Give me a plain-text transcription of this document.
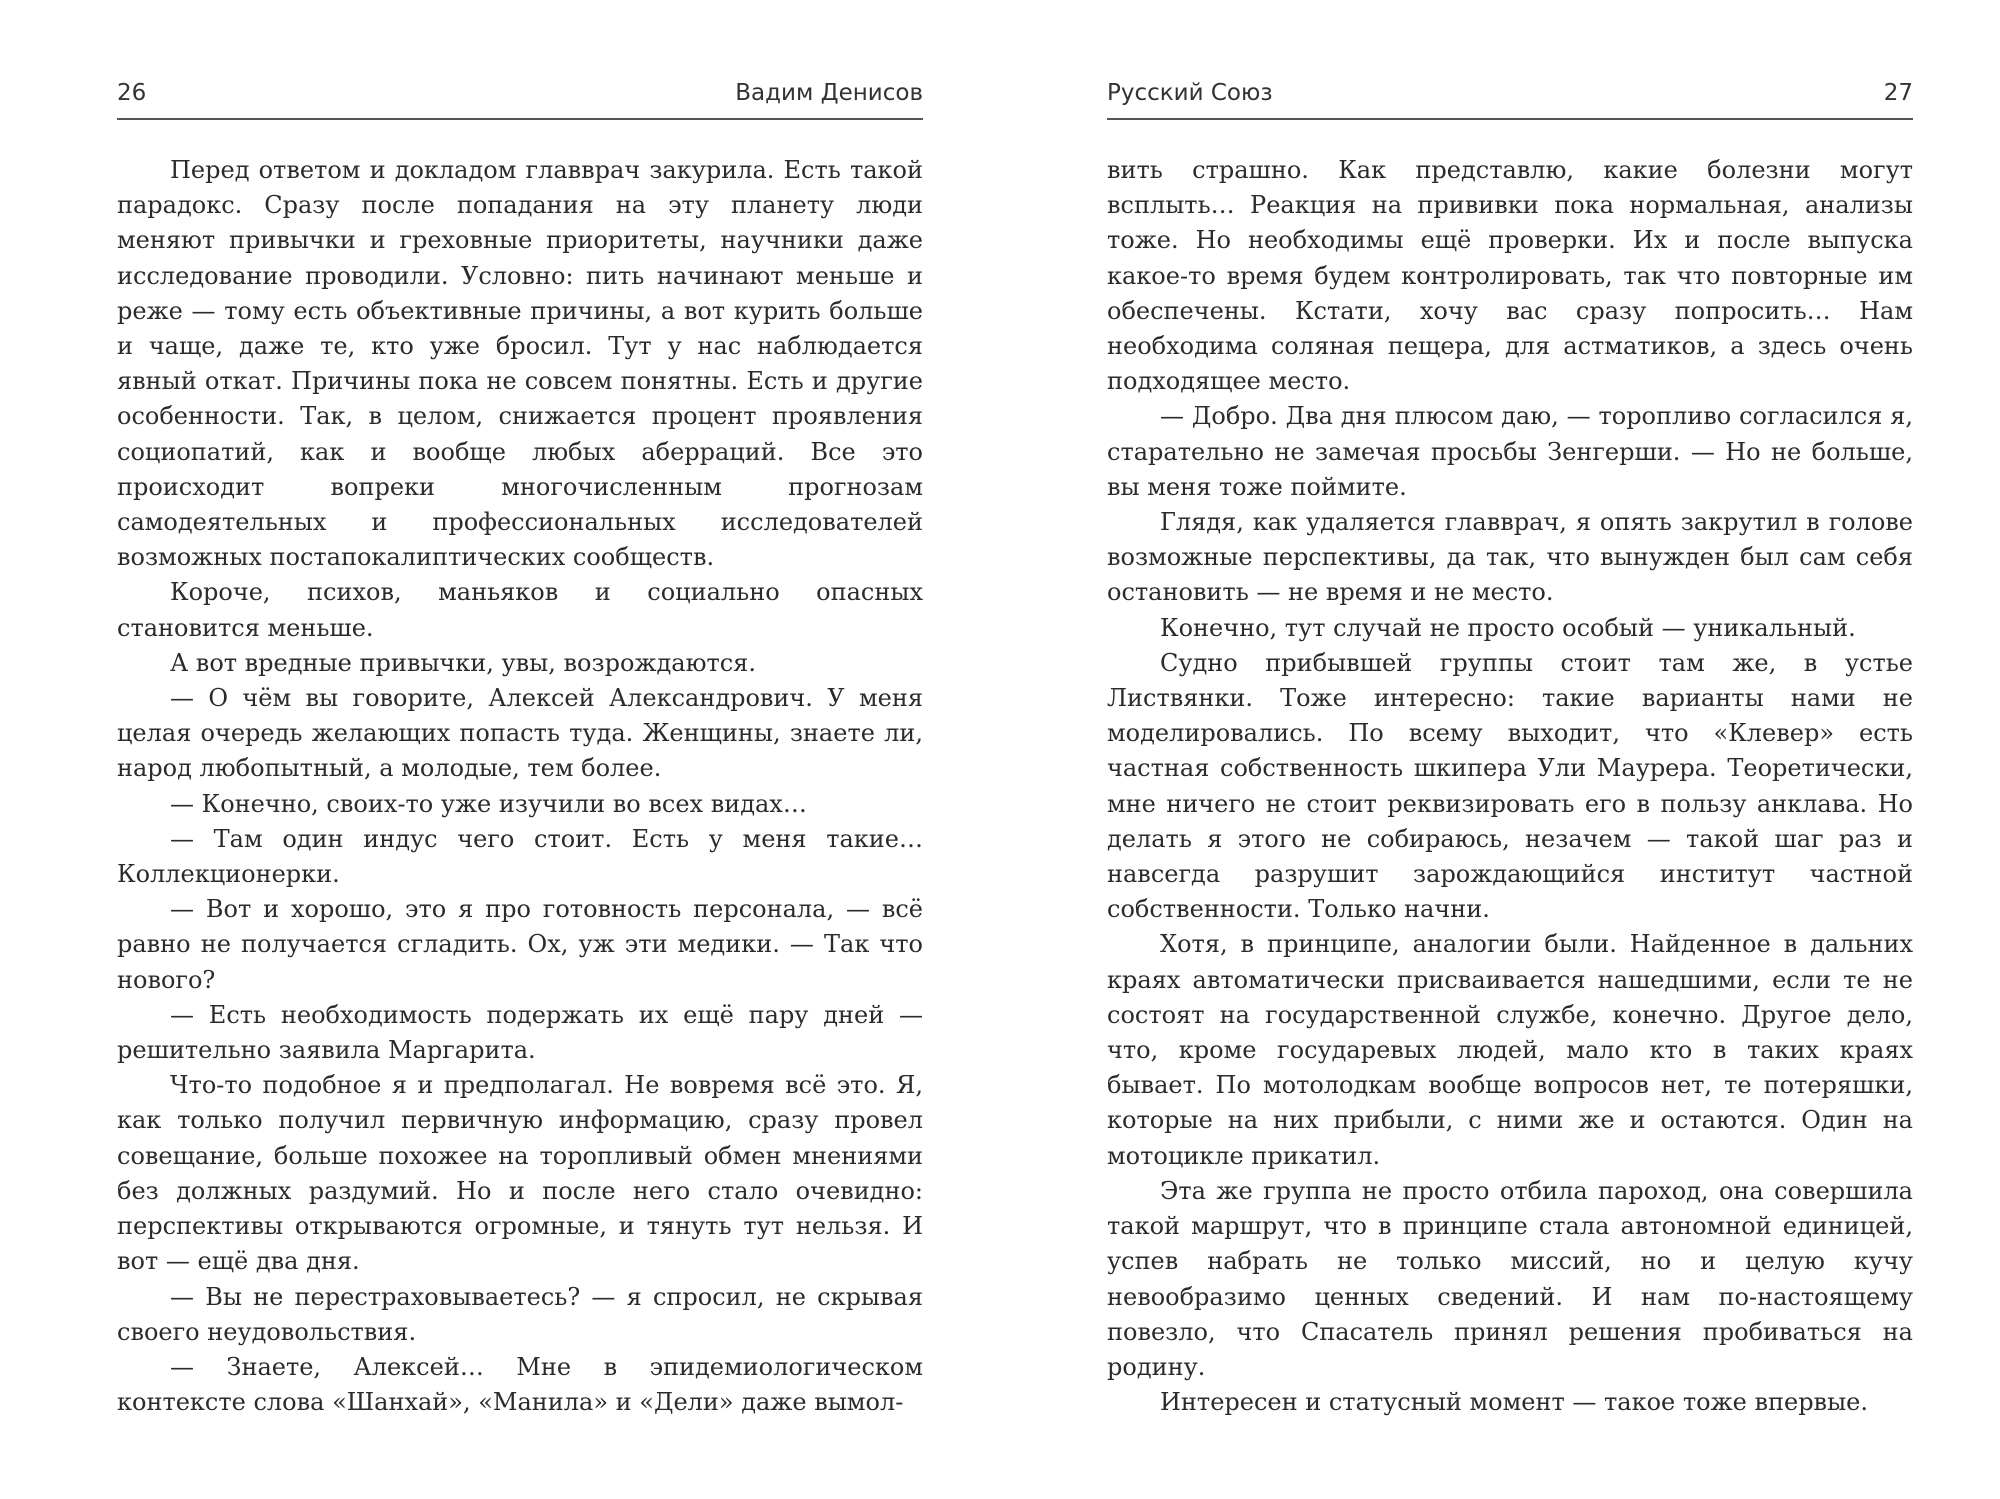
26	Вадим Денисов

Перед ответом и докладом главврач закурила. Есть такой парадокс. Сразу после попадания на эту планету люди меняют привычки и греховные приоритеты, научники даже исследование проводили. Условно: пить начинают меньше и реже — тому есть объективные причины, а вот курить больше и чаще, даже те, кто уже бросил. Тут у нас наблюдается явный откат. Причины пока не совсем понятны. Есть и другие особенности. Так, в целом, снижается процент проявления социопатий, как и вообще любых аберраций. Все это происходит вопреки многочисленным прогнозам самодеятельных и профессиональных исследователей возможных постапокалиптических сообществ.

Короче, психов, маньяков и социально опасных становится меньше.

А вот вредные привычки, увы, возрождаются.

— О чём вы говорите, Алексей Александрович. У меня целая очередь желающих попасть туда. Женщины, знаете ли, народ любопытный, а молодые, тем более.

— Конечно, своих-то уже изучили во всех видах…

— Там один индус чего стоит. Есть у меня такие… Коллекционерки.

— Вот и хорошо, это я про готовность персонала, — всё равно не получается сгладить. Ох, уж эти медики. — Так что нового?

— Есть необходимость подержать их ещё пару дней — решительно заявила Маргарита.

Что-то подобное я и предполагал. Не вовремя всё это. Я, как только получил первичную информацию, сразу провел совещание, больше похожее на торопливый обмен мнениями без должных раздумий. Но и после него стало очевидно: перспективы открываются огромные, и тянуть тут нельзя. И вот — ещё два дня.

— Вы не перестраховываетесь? — я спросил, не скрывая своего неудовольствия.

— Знаете, Алексей… Мне в эпидемиологическом контексте слова «Шанхай», «Манила» и «Дели» даже вымол-

Русский Союз	27

вить страшно. Как представлю, какие болезни могут всплыть… Реакция на прививки пока нормальная, анализы тоже. Но необходимы ещё проверки. Их и после выпуска какое-то время будем контролировать, так что повторные им обеспечены. Кстати, хочу вас сразу попросить… Нам необходима соляная пещера, для астматиков, а здесь очень подходящее место.

— Добро. Два дня плюсом даю, — торопливо согласился я, старательно не замечая просьбы Зенгерши. — Но не больше, вы меня тоже поймите.

Глядя, как удаляется главврач, я опять закрутил в голове возможные перспективы, да так, что вынужден был сам себя остановить — не время и не место.

Конечно, тут случай не просто особый — уникальный.

Судно прибывшей группы стоит там же, в устье Листвянки. Тоже интересно: такие варианты нами не моделировались. По всему выходит, что «Клевер» есть частная собственность шкипера Ули Маурера. Теоретически, мне ничего не стоит реквизировать его в пользу анклава. Но делать я этого не собираюсь, незачем — такой шаг раз и навсегда разрушит зарождающийся институт частной собственности. Только начни.

Хотя, в принципе, аналогии были. Найденное в дальних краях автоматически присваивается нашедшими, если те не состоят на государственной службе, конечно. Другое дело, что, кроме государевых людей, мало кто в таких краях бывает. По мотолодкам вообще вопросов нет, те потеряшки, которые на них прибыли, с ними же и остаются. Один на мотоцикле прикатил.

Эта же группа не просто отбила пароход, она совершила такой маршрут, что в принципе стала автономной единицей, успев набрать не только миссий, но и целую кучу невообразимо ценных сведений. И нам по-настоящему повезло, что Спасатель принял решения пробиваться на родину.

Интересен и статусный момент — такое тоже впервые.
